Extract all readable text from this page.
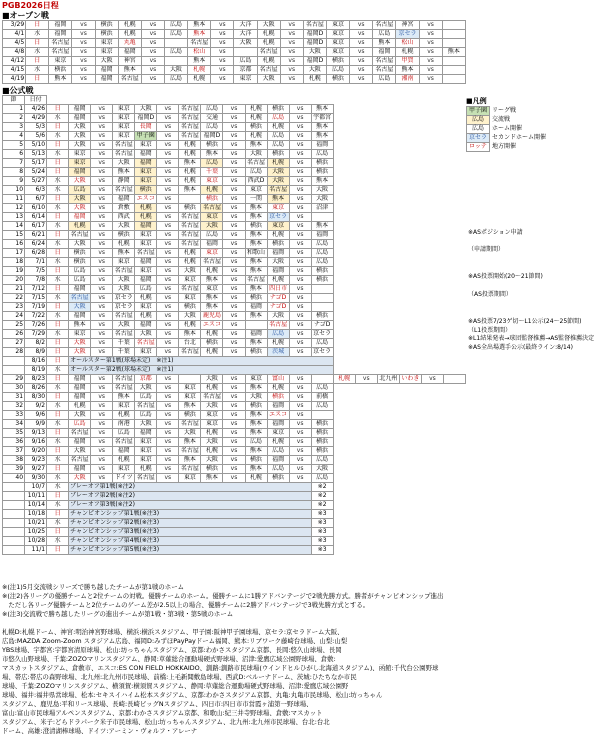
PGB2026日程
■オープン戦
3/29	日	福岡	vs	横浜	札幌	vs	広島	熊本	vs	大洋	大阪	vs	名古屋	東京	vs	名古屋	神宮	vs	
4/1	水	福岡	vs	横浜	札幌	vs	広島	熊本	vs	大洋	札幌	vs	福岡D	東京	vs	広島	京セラ	vs	
4/5	日	名古屋	vs	東京	丸亀	vs		名古屋	vs	大阪	札幌	vs	福岡D	東京	vs	熊本	松山	vs	
4/8	水	名古屋	vs	東京	福岡	vs	広島	松山	vs		名古屋	vs	大阪	東京	vs	福岡	札幌	vs	熊本
4/12	日	東京	vs	大阪	神宮	vs		熊本	vs	広島	札幌	vs	福岡D	横浜	vs	名古屋	甲賀	vs	
4/15	水	横浜	vs	福岡	熊本	vs	大阪	札幌	vs	京都	名古屋	vs	大阪	広島	vs	名古屋	熊本	vs	
4/19	日	熊本	vs	福岡	名古屋	vs	広島	札幌	vs	東京	大阪	vs	札幌	横浜	vs	広島	湘南	vs	
■公式戦
節	日付																			
1	4/26	日	福岡	vs	東京	大阪	vs	名古屋	広島	vs	札幌	横浜	vs	熊本						
2	4/29	水	福岡	vs	東京	福岡D	vs	名古屋	交通	vs	札幌	広島	vs	宇都宮						
3	5/3	日	大阪	vs	東京	長岡	vs	名古屋	広島	vs	横浜	札幌	vs	熊本						
4	5/6	水	大阪	vs	東京	甲子園	vs	名古屋	福岡D	vs	札幌	広島	vs	熊本						
5	5/10	日	大阪	vs	名古屋	東京	vs	札幌	横浜	vs	熊本	広島	vs	福岡						
6	5/13	水	東京	vs	名古屋	福岡	vs	札幌	熊本	vs	大阪	横浜	vs	広島						
7	5/17	日	東京	vs	大阪	福岡	vs	熊本	広島	vs	名古屋	札幌	vs	横浜						
8	5/24	日	福岡	vs	熊本	東京	vs	札幌	千葉	vs	広島	大阪	vs	横浜						
9	5/27	水	大阪	vs	静岡	東京	vs	札幌	東京	vs	西武D	大阪	vs	熊本						
10	6/3	水	広島	vs	名古屋	横浜	vs	熊本	札幌	vs	東京	名古屋	vs	大阪						
11	6/7	日	大阪	vs	福岡	エスコ	vs		横浜	vs	一関	熊本	vs	大阪						
12	6/10	水	大阪	vs	倉敷	札幌	vs	横浜	名古屋	vs	熊本	東京	vs	沼津						
13	6/14	日	福岡	vs	西武	札幌	vs	名古屋	東京	vs	熊本	京セラ	vs							
14	6/17	水	札幌	vs	大阪	福岡	vs	名古屋	大阪	vs	横浜	東京	vs	熊本						
15	6/21	日	名古屋	vs	横浜	東京	vs	名古屋	広島	vs	熊本	札幌	vs	福岡						
16	6/24	水	大阪	vs	札幌	東京	vs	名古屋	福岡	vs	熊本	横浜	vs	広島						
17	6/28	日	横浜	vs	熊本	名古屋	vs	札幌	東京	vs	和歌山	福岡	vs	広島						
18	7/1	水	横浜	vs	東京	福岡	vs	札幌	名古屋	vs	熊本	大阪	vs	広島						
19	7/5	日	広島	vs	名古屋	東京	vs	大阪	札幌	vs	熊本	福岡	vs	横浜						
20	7/8	水	広島	vs	大阪	福岡	vs	東京	熊本	vs	名古屋	札幌	vs	横浜						
21	7/12	日	福岡	vs	大阪	広島	vs	名古屋	東京	vs	熊本	四日市	vs							
22	7/15	水	名古屋	vs	京セラ	札幌	vs	東京	熊本	vs	横浜	ナゴD	vs							
23	7/19	日	大阪	vs	京セラ	東京	vs	横浜	熊本	vs	福岡	ナゴD	vs							
24	7/22	水	福岡	vs	名古屋	札幌	vs	大阪	鹿児島	vs	熊本	大阪	vs	横浜						
25	7/26	日	熊本	vs	大阪	福岡	vs	札幌	エスコ	vs		名古屋	vs	ナゴD						
26	7/29	水	東京	vs	名古屋	大阪	vs	熊本	札幌	vs	福岡	広島	vs	京セラ						
27	8/2	日	大阪	vs	千葉	名古屋	vs	台北	横浜	vs	熊本	札幌	vs	広島						
28	8/9	日	大阪	vs	千葉	東京	vs	名古屋	札幌	vs	横浜	茨城	vs	京セラ						
	8/16	日	オールスター第1戦(球場未定)　※注1)																	
	8/19	水	オールスター第2戦(球場未定)　※注1)																	
29	8/23	日	福岡	vs	名古屋	京都	vs		大阪	vs	東京	富山	vs		札幌	vs	北九州	いわき	vs	
30	8/26	水	福岡	vs	名古屋	大阪	vs	東京	札幌	vs	熊本	札幌	vs	広島						
31	8/30	日	福岡	vs	熊本	広島	vs	東京	名古屋	vs	大阪	横浜	vs	前橋						
32	9/2	水	札幌	vs	東京	名古屋	vs	熊本	大阪	vs	横浜	福岡	vs	広島						
33	9/6	日	大阪	vs	札幌	広島	vs	横浜	東京	vs	熊本	エスコ	vs							
34	9/9	水	広島	vs	南港	大阪	vs	名古屋	東京	vs	熊本	福岡	vs	横浜						
35	9/13	日	名古屋	vs	広島	福岡	vs	大阪	札幌	vs	熊本	東京	vs	横浜						
36	9/16	水	福岡	vs	名古屋	東京	vs	熊本	大阪	vs	広島	札幌	vs	横浜						
37	9/20	日	大阪	vs	福岡	東京	vs	名古屋	札幌	vs	熊本	広島	vs	横浜						
38	9/23	水	名古屋	vs	札幌	東京	vs	熊本	大阪	vs	横浜	福岡	vs	広島						
39	9/27	日	福岡	vs	東京	札幌	vs	名古屋	横浜	vs	熊本	広島	vs	大阪						
40	9/30	水	大阪	vs	ドイツ	名古屋	vs	東京	熊本	vs	札幌	横浜	vs	広島						
	10/7	水	プレーオフ第1戦(※注2)											※2						
	10/11	日	プレーオフ第2戦(※注2)											※2						
	10/14	水	プレーオフ第3戦(※注2)											※2						
	10/18	日	チャンピオンシップ第1戦(※注3)											※3						
	10/21	水	チャンピオンシップ第2戦(※注3)											※3						
	10/25	日	チャンピオンシップ第3戦(※注3)											※3						
	10/28	水	チャンピオンシップ第4戦(※注3)											※3						
	11/1	日	チャンピオンシップ第5戦(※注3)											※3						
■凡例
甲子園 リーグ戦
広島	交流戦
広島	ホーム開催
京セラ セカンドホーム開催
ロッテ 地方開催
※ASポジション申請
（申請期間）
※AS投票開始(20～21節間)
（AS投票期間）
※AS投票7/23ゲ切～L1公示(24～25節間)
（L1投票期間）
※L1結果発表→球団監督推薦→AS監督推薦決定
※AS全出場選手公示(最終ライン:8/14)
※(注1)5月交流戦シリーズで勝ち越したチームが第1戦のホーム
※(注2)各リーグの優勝チームと2位チームの対戦。優勝チームのホーム。優勝チームに1勝アドバンテージで2戦先勝方式。勝者がチャンピオンシップ進出
　ただし各リーグ優勝チームと2位チームのゲーム差が2.5以上の場合、優勝チームに2勝アドバンテージで3戦先勝方式とする。
※(注3)交流戦で勝ち越したリーグの進出チームが第1戦・第3戦・第5戦のホーム

札幌D:札幌ドーム、神宮:明治神宮野球場、横浜:横浜スタジアム、甲子園:阪神甲子園球場、京セラ:京セラドーム大阪、
広島:MAZDA Zoom-Zoom スタジアム広島、福岡D:みずほPayPayドーム福岡、熊本:リブワーク藤崎台球場、山梨:山梨
YBS球場、宇都宮:宇都宮清原球場、松山:坊っちゃんスタジアム、京都:わかさスタジアム京都、長岡:悠久山球場、長岡
市悠久山野球場、千葉:ZOZOマリンスタジアム、静岡:草薙総合運動場硬式野球場、沼津:愛鷹広域公園野球場、倉敷:
マスカットスタジアム、倉敷市、エスコ:ES CON FIELD HOKKAIDO、釧路:釧路市民球場(ウインドヒルひがし北海道スタジアム)、函館:千代台公園野球
場、帯広:帯広の森野球場、北九州:北九州市民球場、前橋:上毛新聞敷島球場、西武D:ベルーナドーム、茨城:ひたちなか市民
球場、千葉:ZOZOマリンスタジアム、横須賀:横須賀スタジアム、静岡:草薙総合運動場硬式野球場、沼津:愛鷹広域公園野
球場、福井:福井県営球場、松本:セキスイハイム松本スタジアム、京都:わかさスタジアム京都、丸亀:丸亀市民球場、松山:坊っちゃん
スタジアム、鹿児島:平和リース球場、長崎:長崎ビッグNスタジアム、四日市:四日市市営霞ヶ浦第一野球場、
富山:富山市民球場アルペンスタジアム、京都:わかさスタジアム京都、和歌山:紀三井寺野球場、倉敷:マスカット
スタジアム、米子:どらドラパーク米子市民球場、松山:坊っちゃんスタジアム、北九州:北九州市民球場、台北:台北
ドーム、高雄:澄清湖棒球場、ドイツ:アーミン・ヴォルフ・アレーナ
